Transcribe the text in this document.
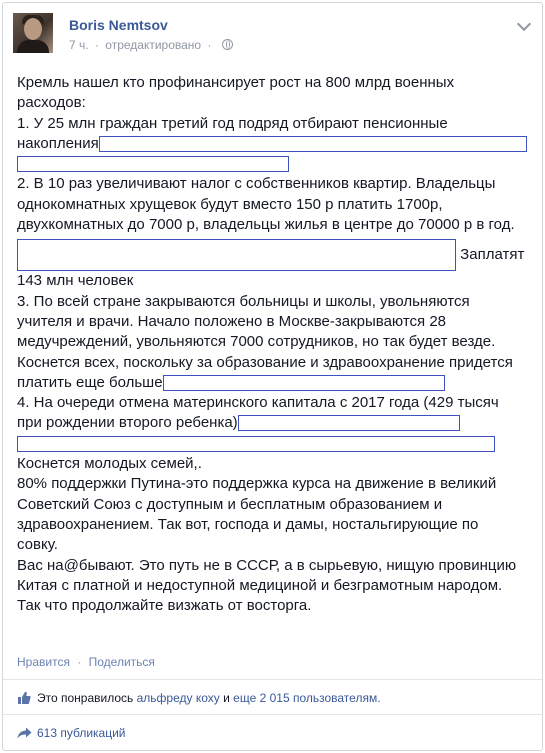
Boris Nemtsov
7 ч. · отредактировано ·

Кремль нашел кто профинансирует рост на 800 млрд военных

расходов:

1. У 25 млн граждан третий год подряд отбирают пенсионные

накопления

2. В 10 раз увеличивают налог с собственников квартир. Владельцы

однокомнатных хрущевок будут вместо 150 р платить 1700р,

двухкомнатных до 7000 р, владельцы жилья в центре до 70000 р в год.

Заплатят

143 млн человек

3. По всей стране закрываются больницы и школы, увольняются

учителя и врачи. Начало положено в Москве-закрываются 28

медучреждений, увольняются 7000 сотрудников, но так будет везде.

Коснется всех, поскольку за образование и здравоохранение придется

платить еще больше

4. На очереди отмена материнского капитала с 2017 года (429 тысяч

при рождении второго ребенка)

Коснется молодых семей,.

80% поддержки Путина-это поддержка курса на движение в великий

Советский Союз с доступным и бесплатным образованием и

здравоохранением. Так вот, господа и дамы, ностальгирующие по

совку.

Вас на@бывают. Это путь не в СССР, а в сырьевую, нищую провинцию

Китая с платной и недоступной медициной и безграмотным народом.

Так что продолжайте визжать от восторга.

Нравится · Поделиться
Это понравилось альфреду коху и еще 2 015 пользователям.
613 публикаций
